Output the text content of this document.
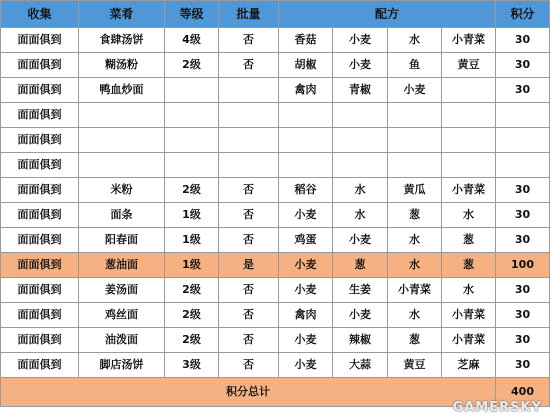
收集	菜肴	等级	批量	配方				积分
面面俱到	食肆汤饼	4级	否	香菇	小麦	水	小青菜	30
面面俱到	糊汤粉	2级	否	胡椒	小麦	鱼	黄豆	30
面面俱到	鸭血炒面			禽肉	青椒	小麦		30
面面俱到								
面面俱到								
面面俱到								
面面俱到	米粉	2级	否	稻谷	水	黄瓜	小青菜	30
面面俱到	面条	1级	否	小麦	水	葱	水	30
面面俱到	阳春面	1级	否	鸡蛋	小麦	水	葱	30
面面俱到	葱油面	1级	是	小麦	葱	水	葱	100
面面俱到	姜汤面	2级	否	小麦	生姜	小青菜	水	30
面面俱到	鸡丝面	2级	否	禽肉	小麦	水	小青菜	30
面面俱到	油泼面	2级	否	小麦	辣椒	葱	小青菜	30
面面俱到	脚店汤饼	3级	否	小麦	大蒜	黄豆	芝麻	30
积分总计								400
GAMERSKY
